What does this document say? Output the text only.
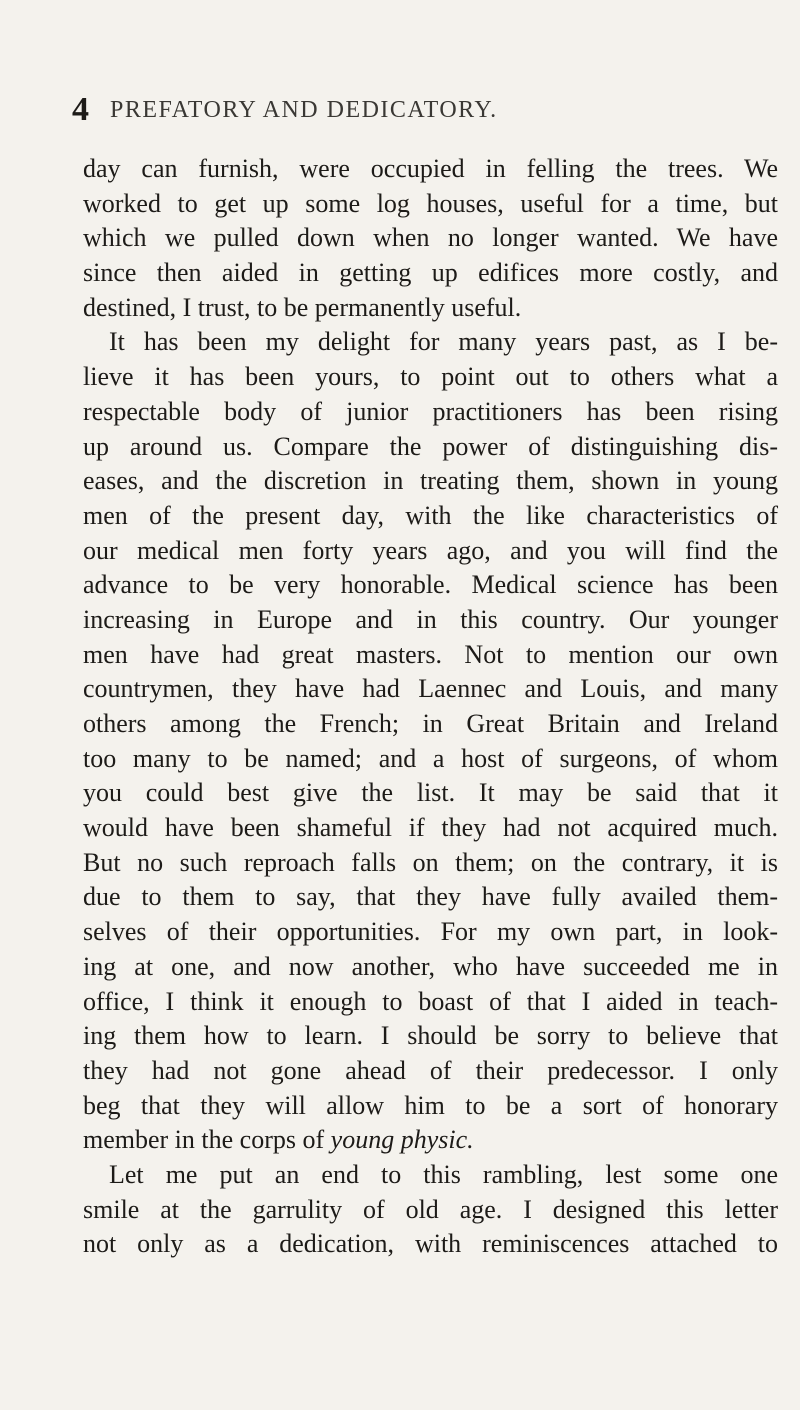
4 PREFATORY AND DEDICATORY.
day can furnish, were occupied in felling the trees. We
worked to get up some log houses, useful for a time, but
which we pulled down when no longer wanted. We have
since then aided in getting up edifices more costly, and
destined, I trust, to be permanently useful.
It has been my delight for many years past, as I be-
lieve it has been yours, to point out to others what a
respectable body of junior practitioners has been rising
up around us. Compare the power of distinguishing dis-
eases, and the discretion in treating them, shown in young
men of the present day, with the like characteristics of
our medical men forty years ago, and you will find the
advance to be very honorable. Medical science has been
increasing in Europe and in this country. Our younger
men have had great masters. Not to mention our own
countrymen, they have had Laennec and Louis, and many
others among the French; in Great Britain and Ireland
too many to be named; and a host of surgeons, of whom
you could best give the list. It may be said that it
would have been shameful if they had not acquired much.
But no such reproach falls on them; on the contrary, it is
due to them to say, that they have fully availed them-
selves of their opportunities. For my own part, in look-
ing at one, and now another, who have succeeded me in
office, I think it enough to boast of that I aided in teach-
ing them how to learn. I should be sorry to believe that
they had not gone ahead of their predecessor. I only
beg that they will allow him to be a sort of honorary
member in the corps of young physic.
Let me put an end to this rambling, lest some one
smile at the garrulity of old age. I designed this letter
not only as a dedication, with reminiscences attached to
